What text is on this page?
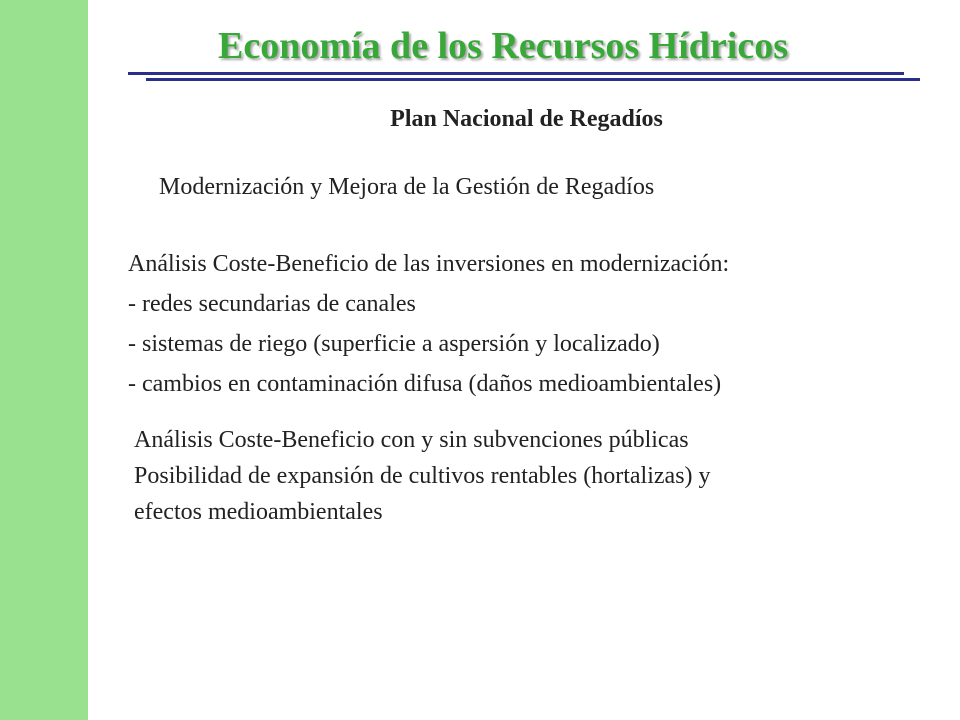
Economía de los Recursos Hídricos
Plan Nacional de Regadíos
Modernización y Mejora de la Gestión de Regadíos
Análisis Coste-Beneficio de las inversiones en modernización:
- redes secundarias de canales
- sistemas de riego (superficie a aspersión y localizado)
- cambios en contaminación difusa (daños medioambientales)
Análisis Coste-Beneficio con y sin subvenciones públicas
Posibilidad de expansión de cultivos rentables (hortalizas) y
efectos medioambientales
